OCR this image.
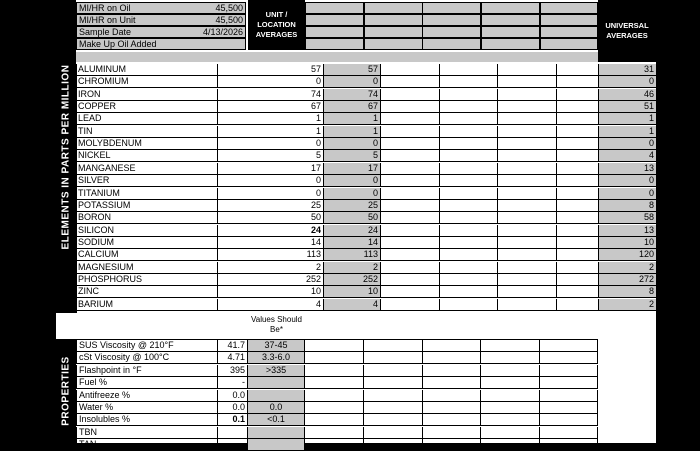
MI/HR on Oil	45,500
MI/HR on Unit	45,500
Sample Date	4/13/2026
Make Up Oil Added
UNIT / LOCATION AVERAGES
UNIVERSAL AVERAGES
ELEMENTS IN PARTS PER MILLION ALUMINUM	57	57	31
CHROMIUM	0	0	0
IRON	74	74	46
COPPER	67	67	51
LEAD	1	1	1
TIN	1	1	1
MOLYBDENUM	0	0	0
NICKEL	5	5	4
MANGANESE	17	17	13
SILVER	0	0	0
TITANIUM	0	0	0
POTASSIUM	25	25	8
BORON	50	50	58
SILICON	24	24	13
SODIUM	14	14	10
CALCIUM	113	113	120
MAGNESIUM	2	2	2
PHOSPHORUS	252	252	272
ZINC	10	10	8
BARIUM	4	4	2
Values Should Be*
PROPERTIES
SUS Viscosity @ 210°F	41.7	37-45
cSt Viscosity @ 100°C	4.71	3.3-6.0
Flashpoint in °F	395	>335
Fuel %	-
Antifreeze %	0.0
Water %	0.0	0.0
Insolubles %	0.1	<0.1
TBN
TAN
